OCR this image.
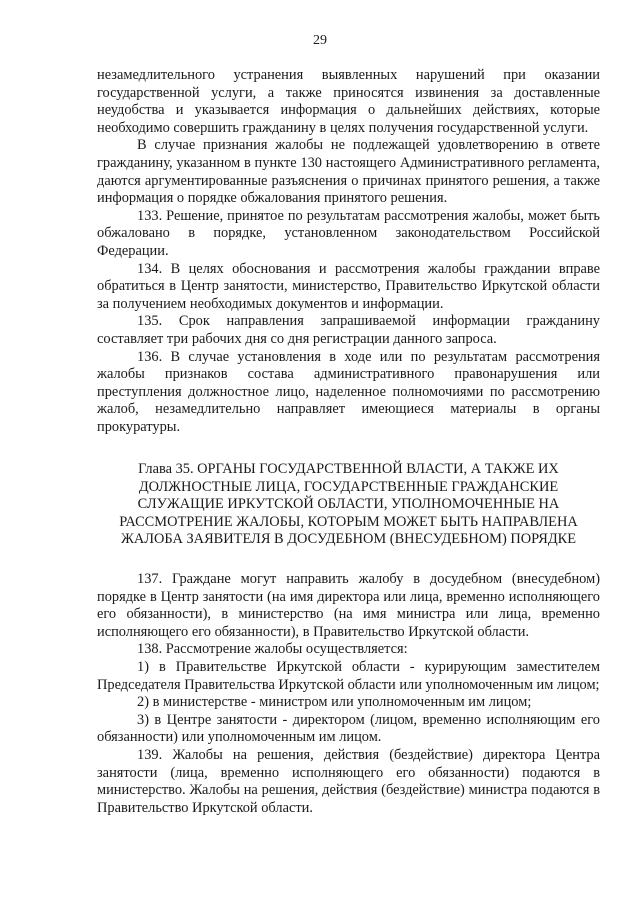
29

незамедлительного устранения выявленных нарушений при оказании государственной услуги, а также приносятся извинения за доставленные неудобства и указывается информация о дальнейших действиях, которые необходимо совершить гражданину в целях получения государственной услуги.

В случае признания жалобы не подлежащей удовлетворению в ответе гражданину, указанном в пункте 130 настоящего Административного регламента, даются аргументированные разъяснения о причинах принятого решения, а также информация о порядке обжалования принятого решения.

133. Решение, принятое по результатам рассмотрения жалобы, может быть обжаловано в порядке, установленном законодательством Российской Федерации.

134. В целях обоснования и рассмотрения жалобы граждании вправе обратиться в Центр занятости, министерство, Правительство Иркутской области за получением необходимых документов и информации.

135. Срок направления запрашиваемой информации гражданину составляет три рабочих дня со дня регистрации данного запроса.

136. В случае установления в ходе или по результатам рассмотрения жалобы признаков состава административного правонарушения или преступления должностное лицо, наделенное полномочиями по рассмотрению жалоб, незамедлительно направляет имеющиеся материалы в органы прокуратуры.

Глава 35. ОРГАНЫ ГОСУДАРСТВЕННОЙ ВЛАСТИ, А ТАКЖЕ ИХ ДОЛЖНОСТНЫЕ ЛИЦА, ГОСУДАРСТВЕННЫЕ ГРАЖДАНСКИЕ СЛУЖАЩИЕ ИРКУТСКОЙ ОБЛАСТИ, УПОЛНОМОЧЕННЫЕ НА РАССМОТРЕНИЕ ЖАЛОБЫ, КОТОРЫМ МОЖЕТ БЫТЬ НАПРАВЛЕНА ЖАЛОБА ЗАЯВИТЕЛЯ В ДОСУДЕБНОМ (ВНЕСУДЕБНОМ) ПОРЯДКЕ

137. Граждане могут направить жалобу в досудебном (внесудебном) порядке в Центр занятости (на имя директора или лица, временно исполняющего его обязанности), в министерство (на имя министра или лица, временно исполняющего его обязанности), в Правительство Иркутской области.

138. Рассмотрение жалобы осуществляется:

1) в Правительстве Иркутской области - курирующим заместителем Председателя Правительства Иркутской области или уполномоченным им лицом;

2) в министерстве - министром или уполномоченным им лицом;

3) в Центре занятости - директором (лицом, временно исполняющим его обязанности) или уполномоченным им лицом.

139. Жалобы на решения, действия (бездействие) директора Центра занятости (лица, временно исполняющего его обязанности) подаются в министерство. Жалобы на решения, действия (бездействие) министра подаются в Правительство Иркутской области.
